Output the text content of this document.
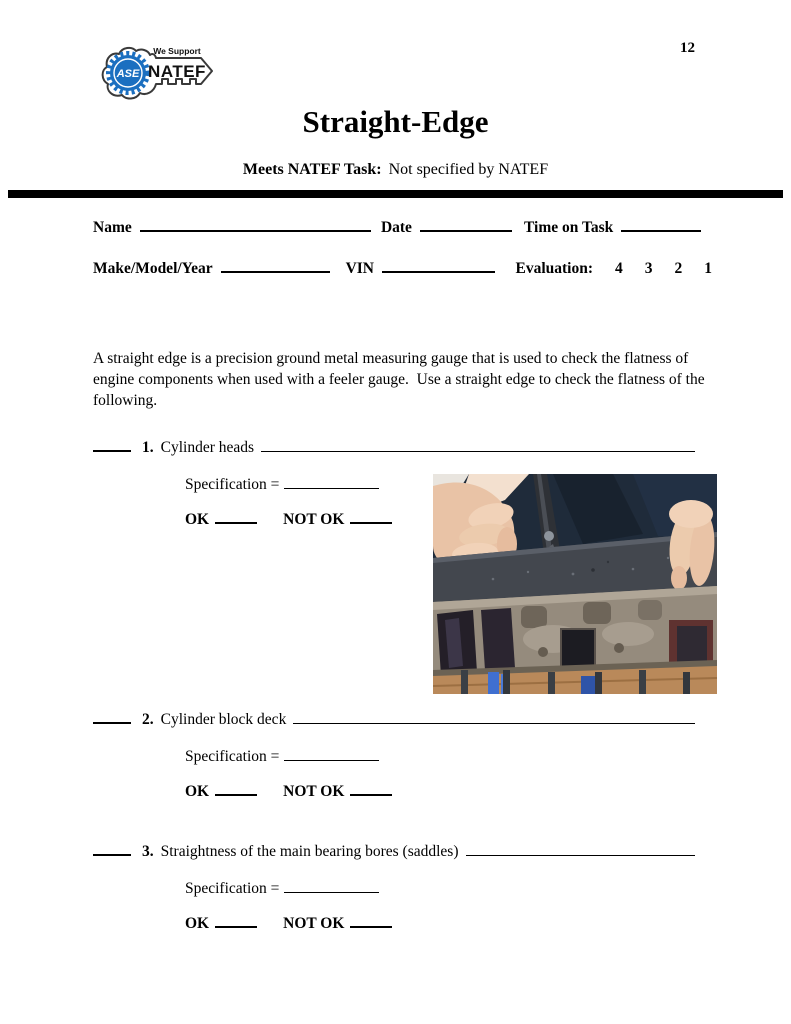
ASE
We Support
NATEF
12
Straight-Edge
Meets NATEF Task: Not specified by NATEF
Name	Date	Time on Task
Make/Model/Year	VIN	Evaluation: 4 3 2 1

A straight edge is a precision ground metal measuring gauge that is used to check the flatness of engine components when used with a feeler gauge.  Use a straight edge to check the flatness of the following.

1. Cylinder heads
Specification =
OK	NOT OK
2. Cylinder block deck
Specification =
OK	NOT OK
3. Straightness of the main bearing bores (saddles)
Specification =
OK	NOT OK
